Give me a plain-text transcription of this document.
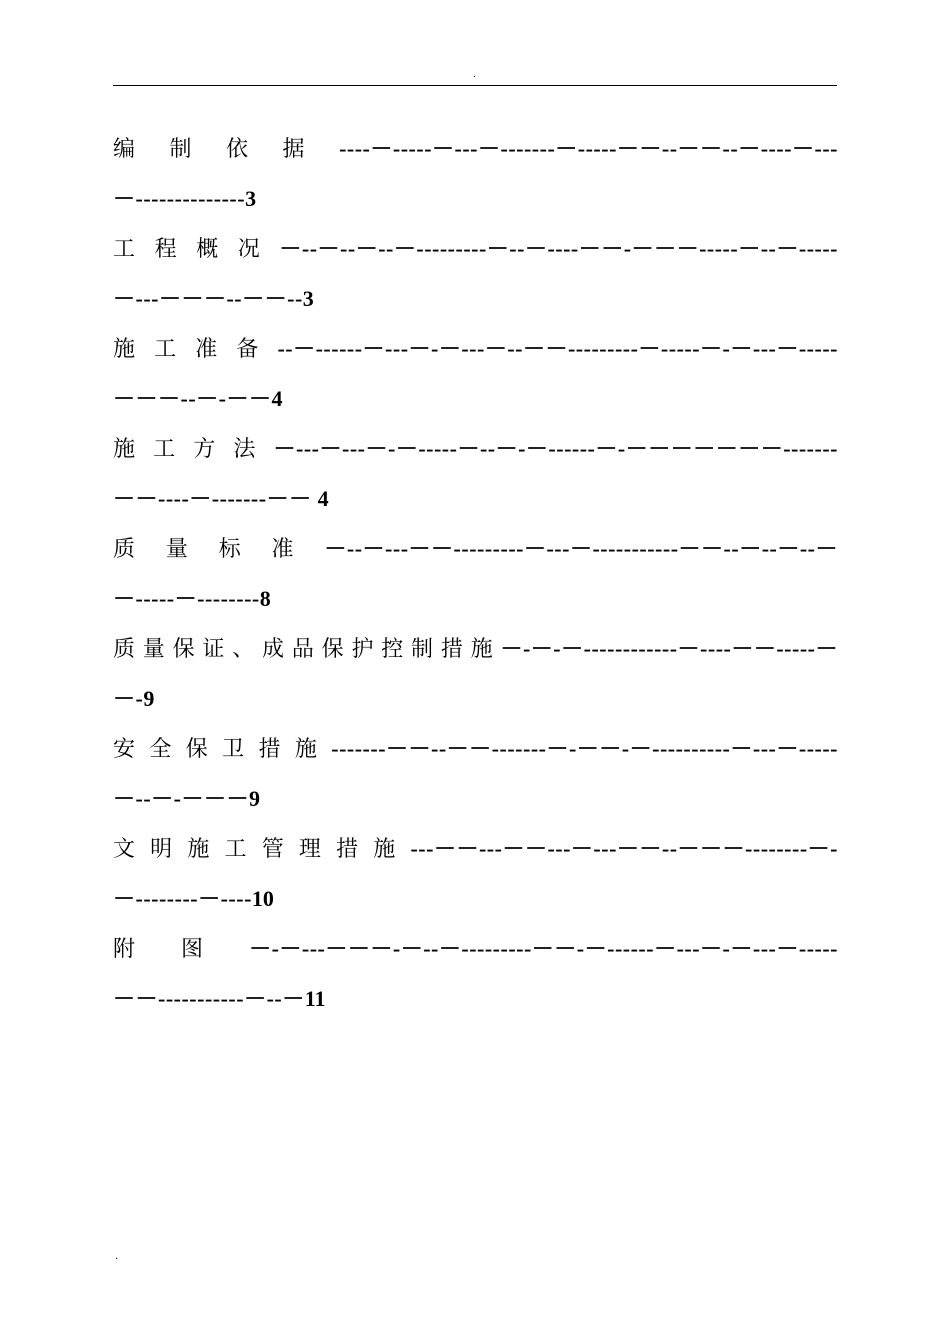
.
编制依据----－-----－---－-------－-----－－--－－--－----－---
－--------------3
工程概况－--－--－--－---------－--－----－－-－－－-----－--－-----
－---－－－--－－--3
施工准备--－------－---－-－---－--－－---------－-----－-－---－-----
－－－--－-－－4
施工方法－---－---－-－-----－--－-－------－-－－－－－－－-------
－－----－-------－－ 4
质量标准－--－---－－---------－---－-----------－－--－--－--－
－-----－--------8
质量保证、成品保护控制措施－-－-－------------－----－－-----－
－-9
安全保卫措施-------－－--－－-------－-－－-－----------－---－-----
－--－-－－－9
文明施工管理措施---－－---－－---－---－－--－－－--------－-
－--------－----10
附图－-－---－－－-－--－---------－－-－------－---－-－---－-----
－－-----------－--－11
.
